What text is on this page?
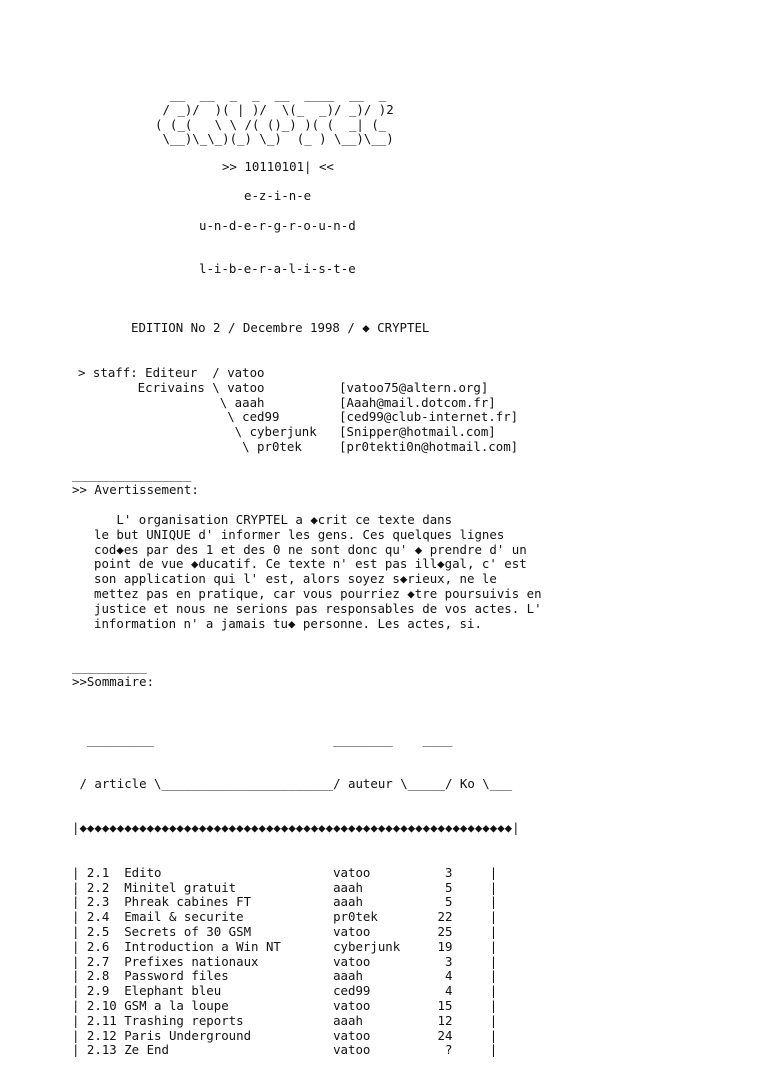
__  __  _  _  __  ____  __  _
/ _)/  )( | )/  \(_  _)/ _)/ )2
( (_(   \ \ /( ()_) )( (  _| (_
\__)\_\_)(_) \_)  (_ ) \__)\__)
>> 10110101| <<
e-z-i-n-e
u-n-d-e-r-g-r-o-u-n-d
l-i-b-e-r-a-l-i-s-t-e
EDITION No 2 / Decembre 1998 / ◆ CRYPTEL
> staff: Editeur  / vatoo
Ecrivains \ vatoo          [vatoo75@altern.org]
\ aaah          [Aaah@mail.dotcom.fr]
\ ced99        [ced99@club-internet.fr]
\ cyberjunk   [Snipper@hotmail.com]
\ pr0tek     [pr0tekti0n@hotmail.com]
________________
>> Avertissement:
L' organisation CRYPTEL a ◆crit ce texte dans
le but UNIQUE d' informer les gens. Ces quelques lignes
cod◆es par des 1 et des 0 ne sont donc qu' ◆ prendre d' un
point de vue ◆ducatif. Ce texte n' est pas ill◆gal, c' est
son application qui l' est, alors soyez s◆rieux, ne le
mettez pas en pratique, car vous pourriez ◆tre poursuivis en
justice et nous ne serions pas responsables de vos actes. L'
information n' a jamais tu◆ personne. Les actes, si.
__________
>>Sommaire:

_________                        ________    ____

/ article \_______________________/ auteur \_____/ Ko \___

|◆◆◆◆◆◆◆◆◆◆◆◆◆◆◆◆◆◆◆◆◆◆◆◆◆◆◆◆◆◆◆◆◆◆◆◆◆◆◆◆◆◆◆◆◆◆◆◆◆◆◆◆◆◆◆◆◆◆|

| 2.1  Edito                       vatoo          3     |
| 2.2  Minitel gratuit             aaah           5     |
| 2.3  Phreak cabines FT           aaah           5     |
| 2.4  Email & securite            pr0tek        22     |
| 2.5  Secrets of 30 GSM           vatoo         25     |
| 2.6  Introduction a Win NT       cyberjunk     19     |
| 2.7  Prefixes nationaux          vatoo          3     |
| 2.8  Password files              aaah           4     |
| 2.9  Elephant bleu               ced99          4     |
| 2.10 GSM a la loupe              vatoo         15     |
| 2.11 Trashing reports            aaah          12     |
| 2.12 Paris Underground           vatoo         24     |
| 2.13 Ze End                      vatoo          ?     |
